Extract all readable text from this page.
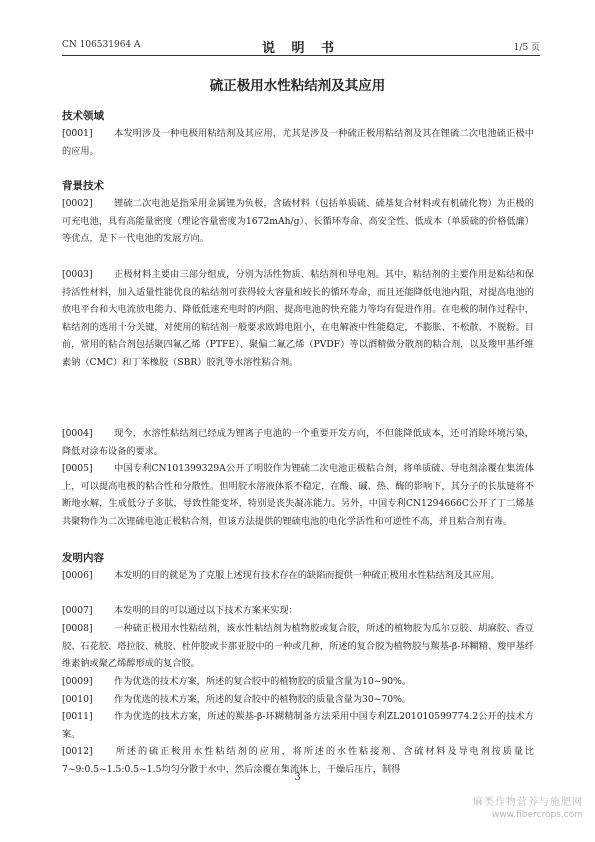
CN 106531964 A	说 明 书	1/5 页
硫正极用水性粘结剂及其应用
技术领域
[0001] 本发明涉及一种电极用粘结剂及其应用，尤其是涉及一种硫正极用粘结剂及其在锂硫二次电池硫正极中的应用。
背景技术
[0002] 锂硫二次电池是指采用金属锂为负极，含硫材料（包括单质硫、硫基复合材料或有机硫化物）为正极的可充电池，具有高能量密度（理论容量密度为1672mAh/g）、长循环寿命、高安全性、低成本（单质硫的价格低廉）等优点，是下一代电池的发展方向。
[0003] 正极材料主要由三部分组成，分别为活性物质、粘结剂和导电剂。其中，粘结剂的主要作用是粘结和保持活性材料，加入适量性能优良的粘结剂可获得较大容量和较长的循环寿命，而且还能降低电池内阻，对提高电池的放电平台和大电流放电能力、降低低速充电时的内阻、提高电池的快充能力等均有促进作用。在电极的制作过程中，粘结剂的选用十分关键，对使用的粘结剂一般要求欧姆电阻小，在电解液中性能稳定，不膨胀、不松散、不脱粉。目前，常用的粘合剂包括聚四氟乙烯（PTFE）、聚偏二氟乙烯（PVDF）等以酒精做分散剂的粘合剂，以及羧甲基纤维素钠（CMC）和丁苯橡胶（SBR）胶乳等水溶性粘合剂。
[0004] 现今，水溶性粘结剂已经成为锂离子电池的一个重要开发方向，不但能降低成本，还可消除环境污染，降低对涂布设备的要求。
[0005] 中国专利CN101399329A公开了明胶作为锂硫二次电池正极粘合剂，将单质硫、导电剂涂覆在集流体上，可以提高电极的粘合性和分散性。但明胶水溶液体系不稳定，在酸、碱、热、酶的影响下，其分子的长肽链将不断地水解，生成低分子多肽，导致性能变坏，特别是丧失凝冻能力。另外，中国专利CN1294666C公开了丁二烯基共聚物作为二次锂硫电池正极粘合剂，但该方法提供的锂硫电池的电化学活性和可逆性不高，并且粘合剂有毒。
发明内容
[0006] 本发明的目的就是为了克服上述现有技术存在的缺陷而提供一种硫正极用水性粘结剂及其应用。
[0007] 本发明的目的可以通过以下技术方案来实现：
[0008] 一种硫正极用水性粘结剂，该水性粘结剂为植物胶或复合胶，所述的植物胶为瓜尔豆胶、胡麻胶、香豆胶、石花胶、塔拉胶、桃胶、杜仲胶或卡那亚胶中的一种或几种，所述的复合胶为植物胶与羰基-β-环糊精、羧甲基纤维素钠或聚乙烯醇形成的复合胶。
[0009] 作为优选的技术方案，所述的复合胶中的植物胶的质量含量为10~90%。
[0010] 作为优选的技术方案，所述的复合胶中的植物胶的质量含量为30~70%。
[0011] 作为优选的技术方案，所述的羰基-β-环糊精制备方法采用中国专利ZL201010599774.2公开的技术方案。
[0012] 所述的硫正极用水性粘结剂的应用，将所述的水性粘接剂、含硫材料及导电剂按质量比7~9:0.5~1.5:0.5~1.5均匀分散于水中，然后涂覆在集流体上，干燥后压片，制得
3
麻类作物营养与施肥网
www.fibercrops.com
